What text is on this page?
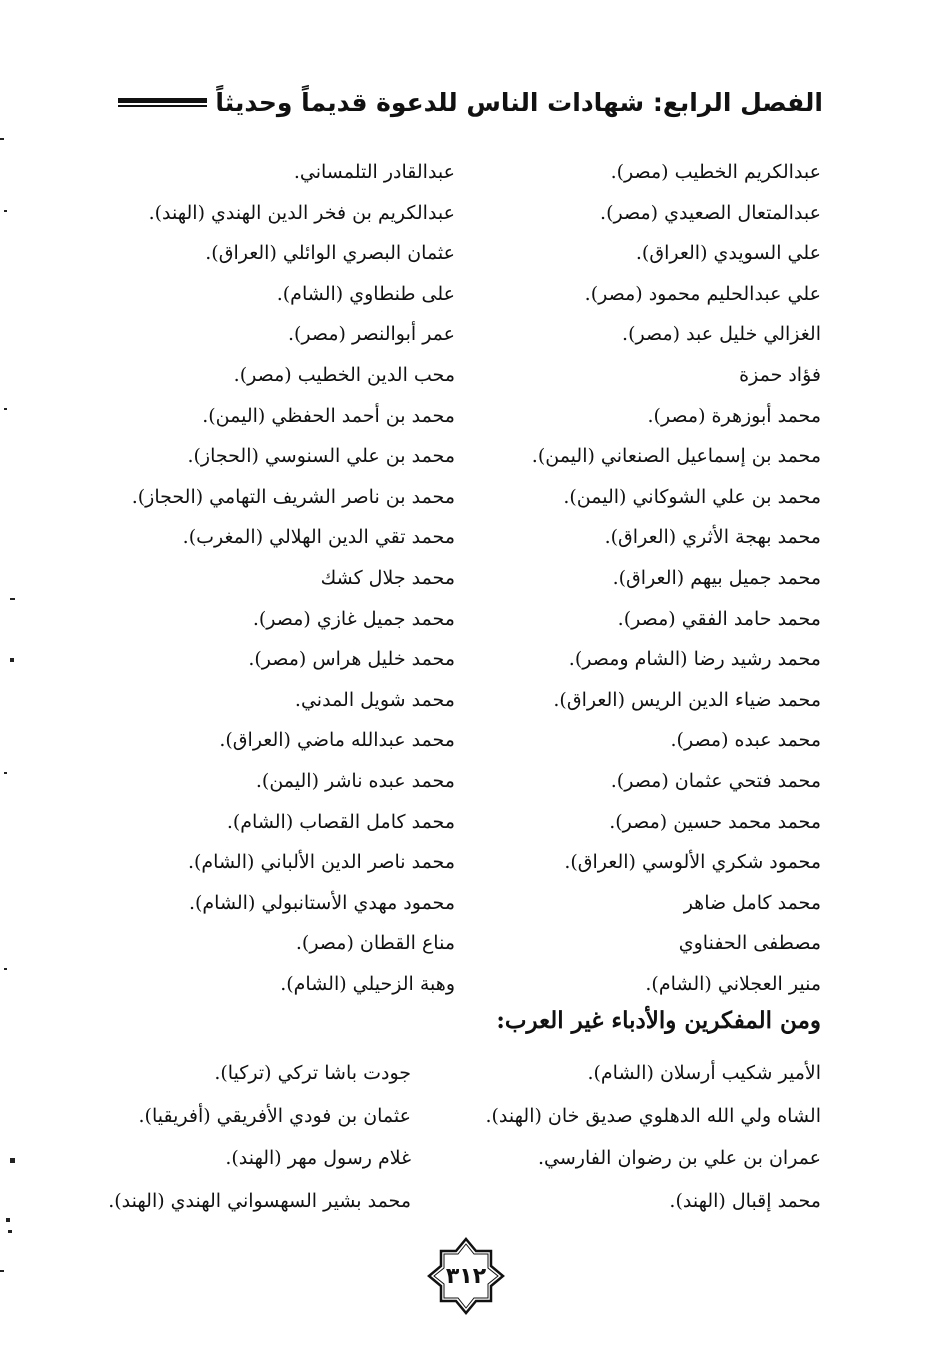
الفصل الرابع: شهادات الناس للدعوة قديماً وحديثاً
عبدالكريم الخطيب (مصر).
عبدالمتعال الصعيدي (مصر).
علي السويدي (العراق).
علي عبدالحليم محمود (مصر).
الغزالي خليل عبد (مصر).
فؤاد حمزة
محمد أبوزهرة (مصر).
محمد بن إسماعيل الصنعاني (اليمن).
محمد بن علي الشوكاني (اليمن).
محمد بهجة الأثري (العراق).
محمد جميل بيهم (العراق).
محمد حامد الفقي (مصر).
محمد رشيد رضا (الشام ومصر).
محمد ضياء الدين الريس (العراق).
محمد عبده (مصر).
محمد فتحي عثمان (مصر).
محمد محمد حسين (مصر).
محمود شكري الألوسي (العراق).
محمد كامل ضاهر
مصطفى الحفناوي
منير العجلاني (الشام).
عبدالقادر التلمساني.
عبدالكريم بن فخر الدين الهندي (الهند).
عثمان البصري الوائلي (العراق).
على طنطاوي (الشام).
عمر أبوالنصر (مصر).
محب الدين الخطيب (مصر).
محمد بن أحمد الحفظي (اليمن).
محمد بن علي السنوسي (الحجاز).
محمد بن ناصر الشريف التهامي (الحجاز).
محمد تقي الدين الهلالي (المغرب).
محمد جلال كشك
محمد جميل غازي (مصر).
محمد خليل هراس (مصر).
محمد شويل المدني.
محمد عبدالله ماضي (العراق).
محمد عبده ناشر (اليمن).
محمد كامل القصاب (الشام).
محمد ناصر الدين الألباني (الشام).
محمود مهدي الأستانبولي (الشام).
مناع القطان (مصر).
وهبة الزحيلي (الشام).
ومن المفكرين والأدباء غير العرب:
الأمير شكيب أرسلان (الشام).
الشاه ولي الله الدهلوي صديق خان (الهند).
عمران بن علي بن رضوان الفارسي.
محمد إقبال (الهند).
جودت باشا تركي (تركيا).
عثمان بن فودي الأفريقي (أفريقيا).
غلام رسول مهر (الهند).
محمد بشير السهسواني الهندي (الهند).
٣١٢
